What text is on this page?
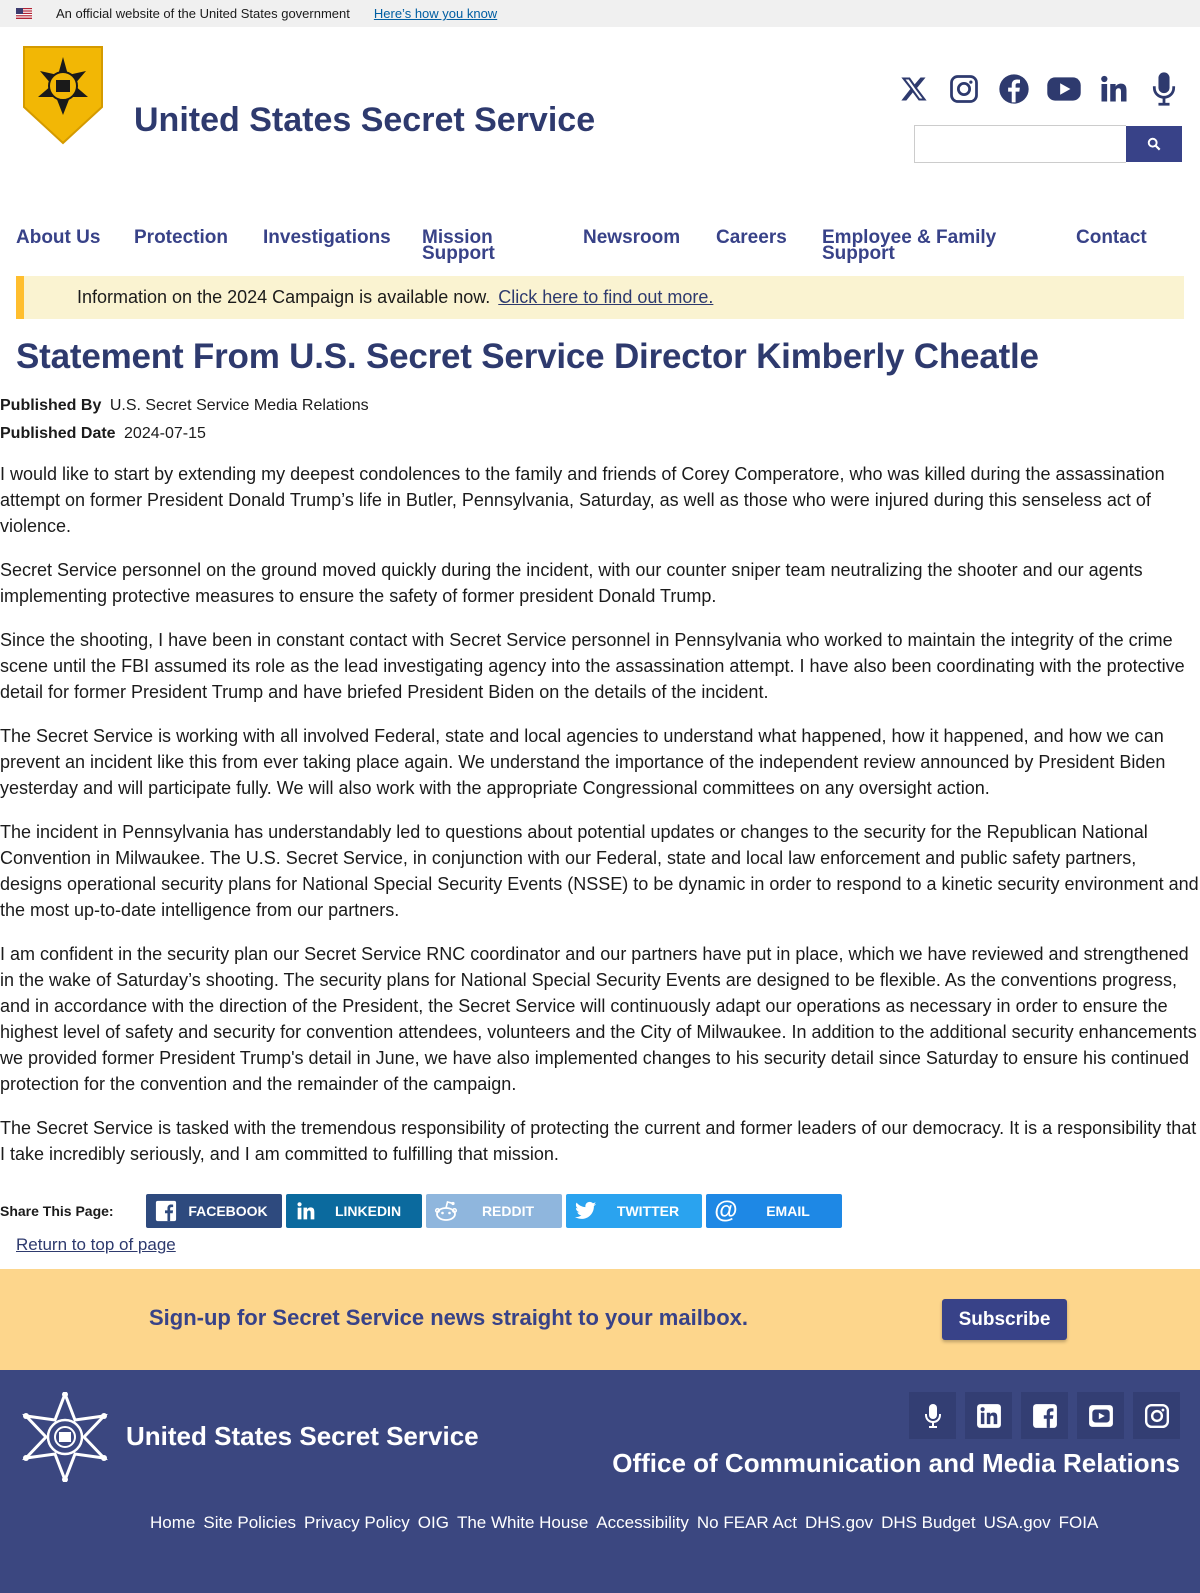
An official website of the United States government Here’s how you know
United States Secret Service
About Us Protection Investigations Mission Support
Newsroom Careers Employee & Family Support
Contact
Information on the 2024 Campaign is available now. Click here to find out more.
Statement From U.S. Secret Service Director Kimberly Cheatle
Published By U.S. Secret Service Media Relations
Published Date 2024-07-15

I would like to start by extending my deepest condolences to the family and friends of Corey Comperatore, who was killed during the assassination attempt on former President Donald Trump’s life in Butler, Pennsylvania, Saturday, as well as those who were injured during this senseless act of violence.

Secret Service personnel on the ground moved quickly during the incident, with our counter sniper team neutralizing the shooter and our agents implementing protective measures to ensure the safety of former president Donald Trump.

Since the shooting, I have been in constant contact with Secret Service personnel in Pennsylvania who worked to maintain the integrity of the crime scene until the FBI assumed its role as the lead investigating agency into the assassination attempt. I have also been coordinating with the protective detail for former President Trump and have briefed President Biden on the details of the incident.

The Secret Service is working with all involved Federal, state and local agencies to understand what happened, how it happened, and how we can prevent an incident like this from ever taking place again. We understand the importance of the independent review announced by President Biden yesterday and will participate fully. We will also work with the appropriate Congressional committees on any oversight action.

The incident in Pennsylvania has understandably led to questions about potential updates or changes to the security for the Republican National Convention in Milwaukee. The U.S. Secret Service, in conjunction with our Federal, state and local law enforcement and public safety partners, designs operational security plans for National Special Security Events (NSSE) to be dynamic in order to respond to a kinetic security environment and the most up-to-date intelligence from our partners.

I am confident in the security plan our Secret Service RNC coordinator and our partners have put in place, which we have reviewed and strengthened in the wake of Saturday’s shooting. The security plans for National Special Security Events are designed to be flexible. As the conventions progress, and in accordance with the direction of the President, the Secret Service will continuously adapt our operations as necessary in order to ensure the highest level of safety and security for convention attendees, volunteers and the City of Milwaukee. In addition to the additional security enhancements we provided former President Trump's detail in June, we have also implemented changes to his security detail since Saturday to ensure his continued protection for the convention and the remainder of the campaign.

The Secret Service is tasked with the tremendous responsibility of protecting the current and former leaders of our democracy. It is a responsibility that I take incredibly seriously, and I am committed to fulfilling that mission.

Share This Page:	FACEBOOK	LINKEDIN	REDDIT	TWITTER	@	EMAIL
Return to top of page
Sign-up for Secret Service news straight to your mailbox.	Subscribe
United States Secret Service
Office of Communication and Media Relations
Home Site Policies Privacy Policy OIG The White House Accessibility No FEAR Act DHS.gov DHS Budget USA.gov FOIA
